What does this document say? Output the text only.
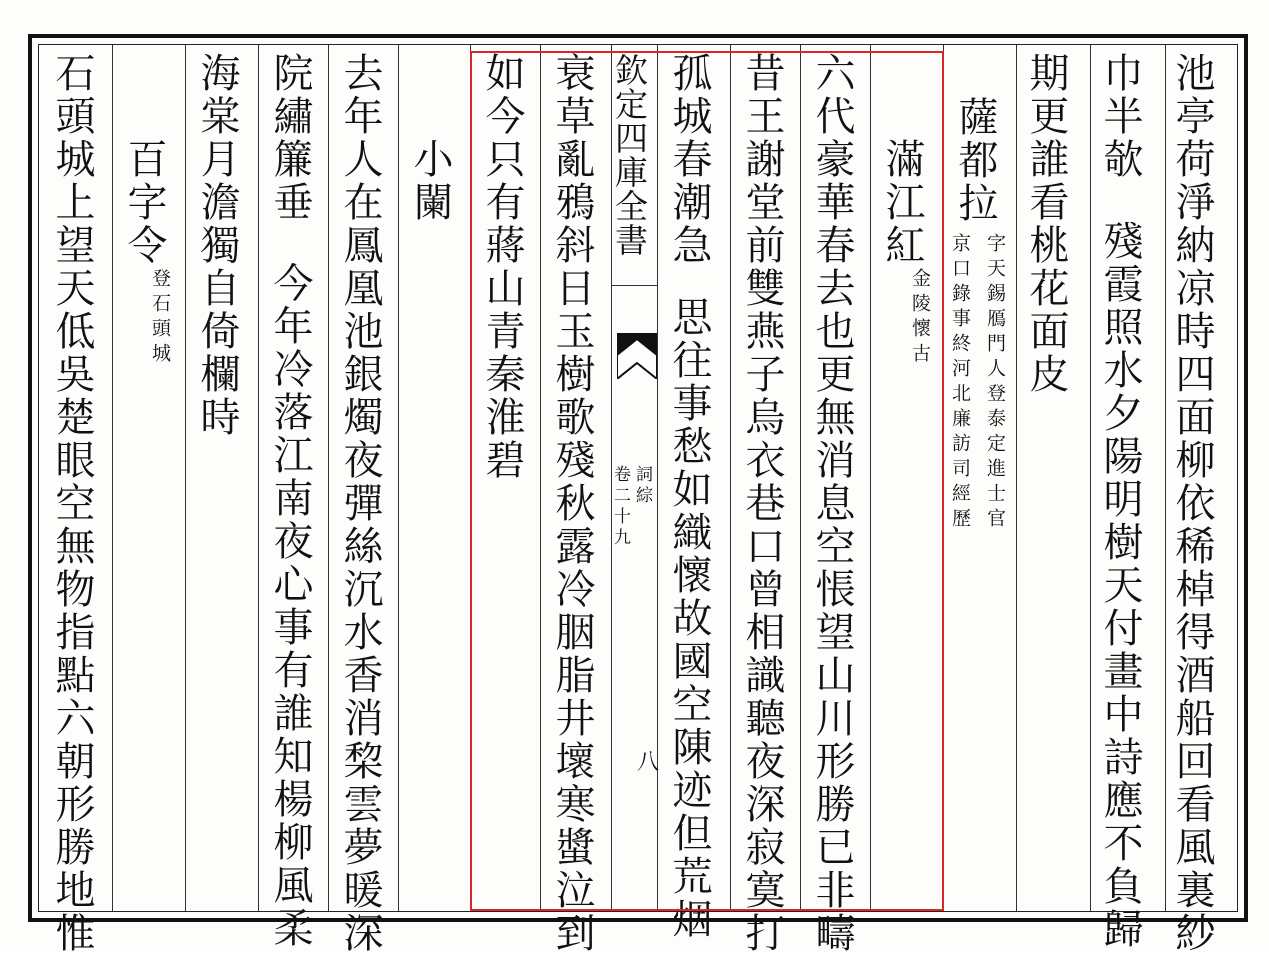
池亭荷淨納凉時四面柳依稀棹得酒船回看風裏紗
巾半欹
殘霞照水夕陽明樹天付畫中詩應不負歸
期更誰看桃花面皮
薩都拉
字天錫鴈門人登泰定進士官
京口錄事終河北廉訪司經歷
滿江紅
金陵懷古
六代豪華春去也更無消息空悵望山川形勝已非疇
昔王謝堂前雙燕子烏衣巷口曾相識聽夜深寂寞打
孤城春潮急
思往事愁如織懷故國空陳迹但荒烟
欽定四庫全書
詞綜
卷二十九
八
衰草亂鴉斜日玉樹歌殘秋露冷胭脂井壞寒螿泣到
如今只有蔣山青秦淮碧
小闌
去年人在鳳凰池銀燭夜彈絲沉水香消棃雲夢暖深
院繡簾垂
今年冷落江南夜心事有誰知楊柳風柔
海棠月澹獨自倚欄時
百字令
登石頭城
石頭城上望天低吳楚眼空無物指點六朝形勝地惟
